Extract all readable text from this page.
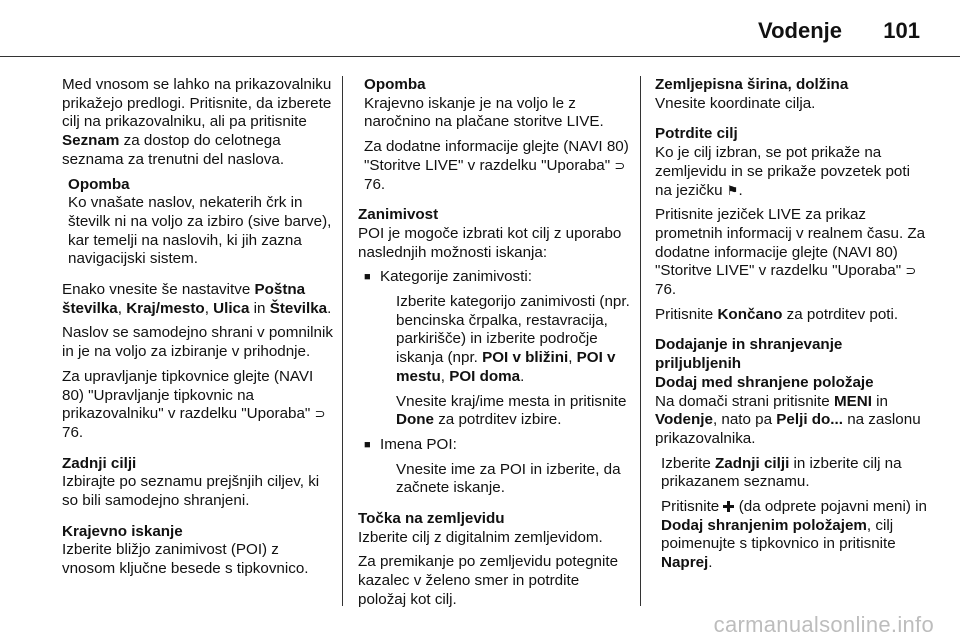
Vodenje 101

Med vnosom se lahko na prikazovalniku prikažejo predlogi. Pritisnite, da izberete cilj na prikazovalniku, ali pa pritisnite
Seznam za dostop do celotnega seznama za trenutni del naslova.

Opomba

Ko vnašate naslov, nekaterih črk in številk ni na voljo za izbiro (sive barve), kar temelji na naslovih, ki jih zazna navigacijski sistem.

Enako vnesite še nastavitve Poštna številka, Kraj/mesto, Ulica in Številka.

Naslov se samodejno shrani v pomnilnik in je na voljo za izbiranje v prihodnje.

Za upravljanje tipkovnice glejte (NAVI 80) "Upravljanje tipkovnic na prikazovalniku" v razdelku "Uporaba" ⊃ 76.

Zadnji cilji

Izbirajte po seznamu prejšnjih ciljev, ki so bili samodejno shranjeni.

Krajevno iskanje

Izberite bližjo zanimivost (POI) z vnosom ključne besede s tipkovnico.

Opomba

Krajevno iskanje je na voljo le z naročnino na plačane storitve LIVE.

Za dodatne informacije glejte (NAVI 80) "Storitve LIVE" v razdelku "Uporaba" ⊃ 76.

Zanimivost

POI je mogoče izbrati kot cilj z uporabo naslednjih možnosti iskanja:

■ Kategorije zanimivosti:

Izberite kategorijo zanimivosti (npr. bencinska črpalka, restavracija, parkirišče) in izberite področje iskanja (npr. POI v bližini, POI v mestu, POI doma.

Vnesite kraj/ime mesta in pritisnite Done za potrditev izbire.

■ Imena POI:

Vnesite ime za POI in izberite, da začnete iskanje.

Točka na zemljevidu

Izberite cilj z digitalnim zemljevidom.

Za premikanje po zemljevidu potegnite kazalec v želeno smer in potrdite položaj kot cilj.

Zemljepisna širina, dolžina

Vnesite koordinate cilja.

Potrdite cilj

Ko je cilj izbran, se pot prikaže na zemljevidu in se prikaže povzetek poti na jezičku ⚑.

Pritisnite jeziček LIVE za prikaz prometnih informacij v realnem času. Za dodatne informacije glejte (NAVI 80) "Storitve LIVE" v razdelku "Uporaba" ⊃ 76.

Pritisnite Končano za potrditev poti.

Dodajanje in shranjevanje priljubljenih

Dodaj med shranjene položaje

Na domači strani pritisnite MENI in Vodenje, nato pa Pelji do... na zaslonu prikazovalnika.

Izberite Zadnji cilji in izberite cilj na prikazanem seznamu.

Pritisnite  (da odprete pojavni meni) in Dodaj shranjenim položajem, cilj poimenujte s tipkovnico in pritisnite Naprej.

carmanualsonline.info
